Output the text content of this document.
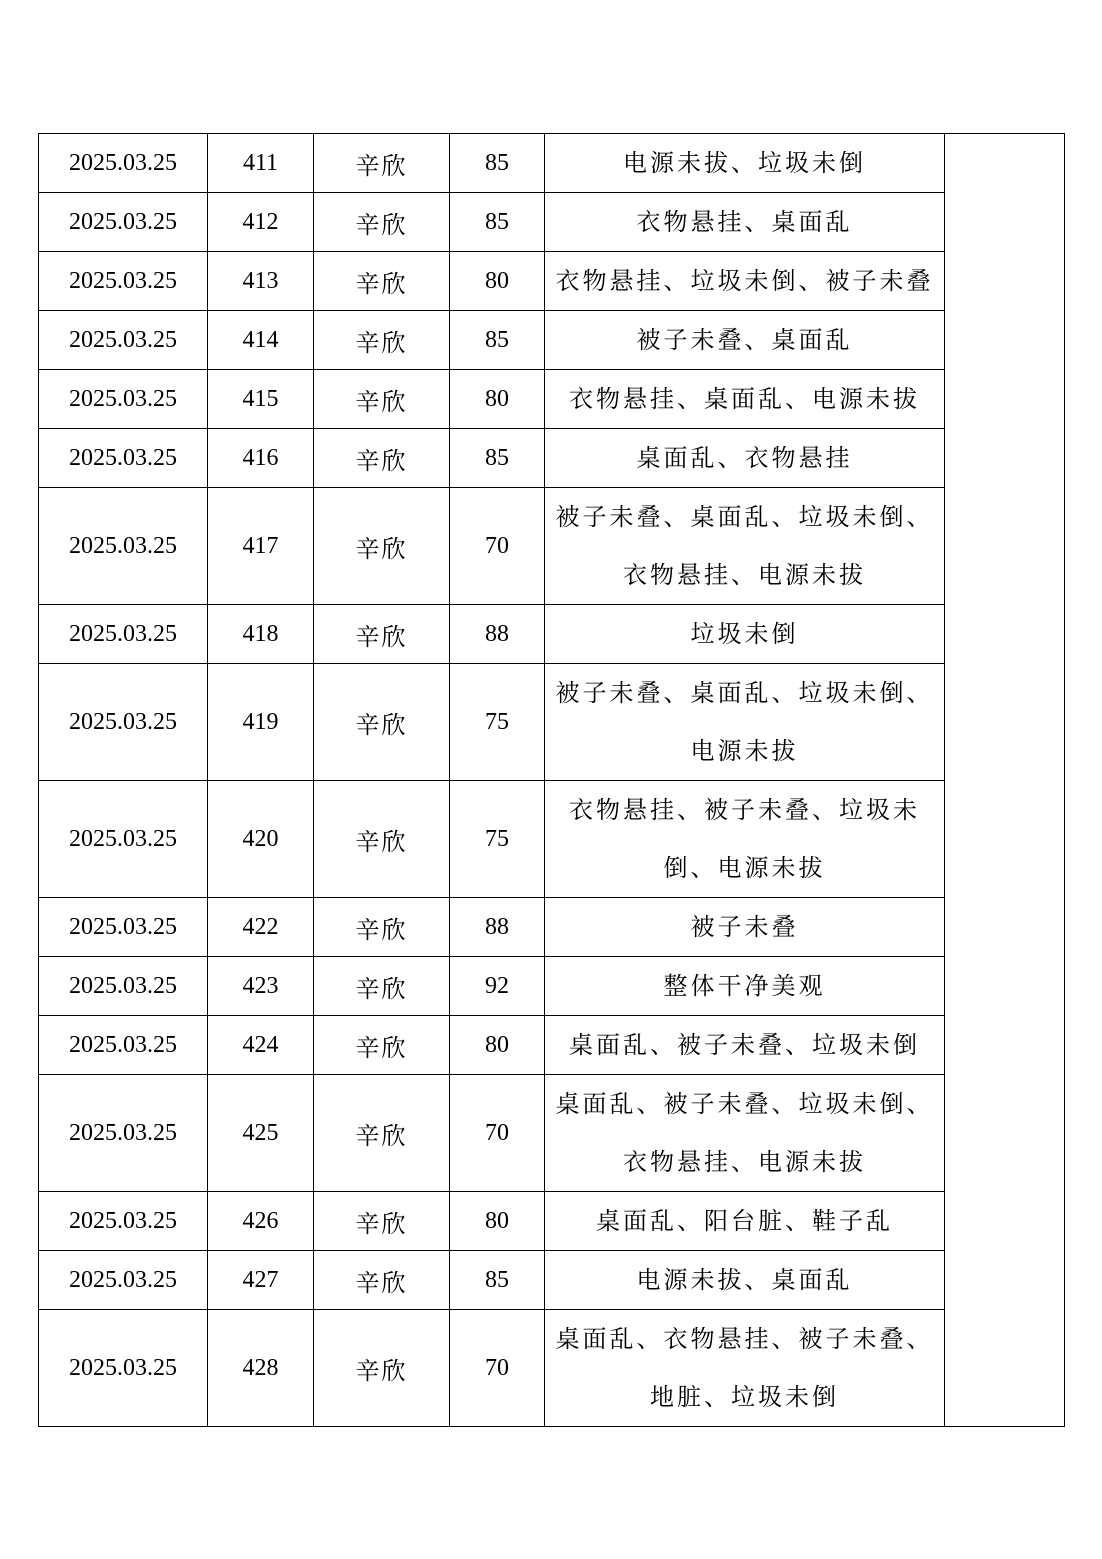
2025.03.25	411	辛欣	85	电源未拔、垃圾未倒	
2025.03.25	412	辛欣	85	衣物悬挂、桌面乱	
2025.03.25	413	辛欣	80	衣物悬挂、垃圾未倒、被子未叠	
2025.03.25	414	辛欣	85	被子未叠、桌面乱	
2025.03.25	415	辛欣	80	衣物悬挂、桌面乱、电源未拔	
2025.03.25	416	辛欣	85	桌面乱、衣物悬挂	
2025.03.25	417	辛欣	70	被子未叠、桌面乱、垃圾未倒、衣物悬挂、电源未拔	
2025.03.25	418	辛欣	88	垃圾未倒	
2025.03.25	419	辛欣	75	被子未叠、桌面乱、垃圾未倒、电源未拔	
2025.03.25	420	辛欣	75	衣物悬挂、被子未叠、垃圾未倒、电源未拔	
2025.03.25	422	辛欣	88	被子未叠	
2025.03.25	423	辛欣	92	整体干净美观	
2025.03.25	424	辛欣	80	桌面乱、被子未叠、垃圾未倒	
2025.03.25	425	辛欣	70	桌面乱、被子未叠、垃圾未倒、衣物悬挂、电源未拔	
2025.03.25	426	辛欣	80	桌面乱、阳台脏、鞋子乱	
2025.03.25	427	辛欣	85	电源未拔、桌面乱	
2025.03.25	428	辛欣	70	桌面乱、衣物悬挂、被子未叠、地脏、垃圾未倒	
